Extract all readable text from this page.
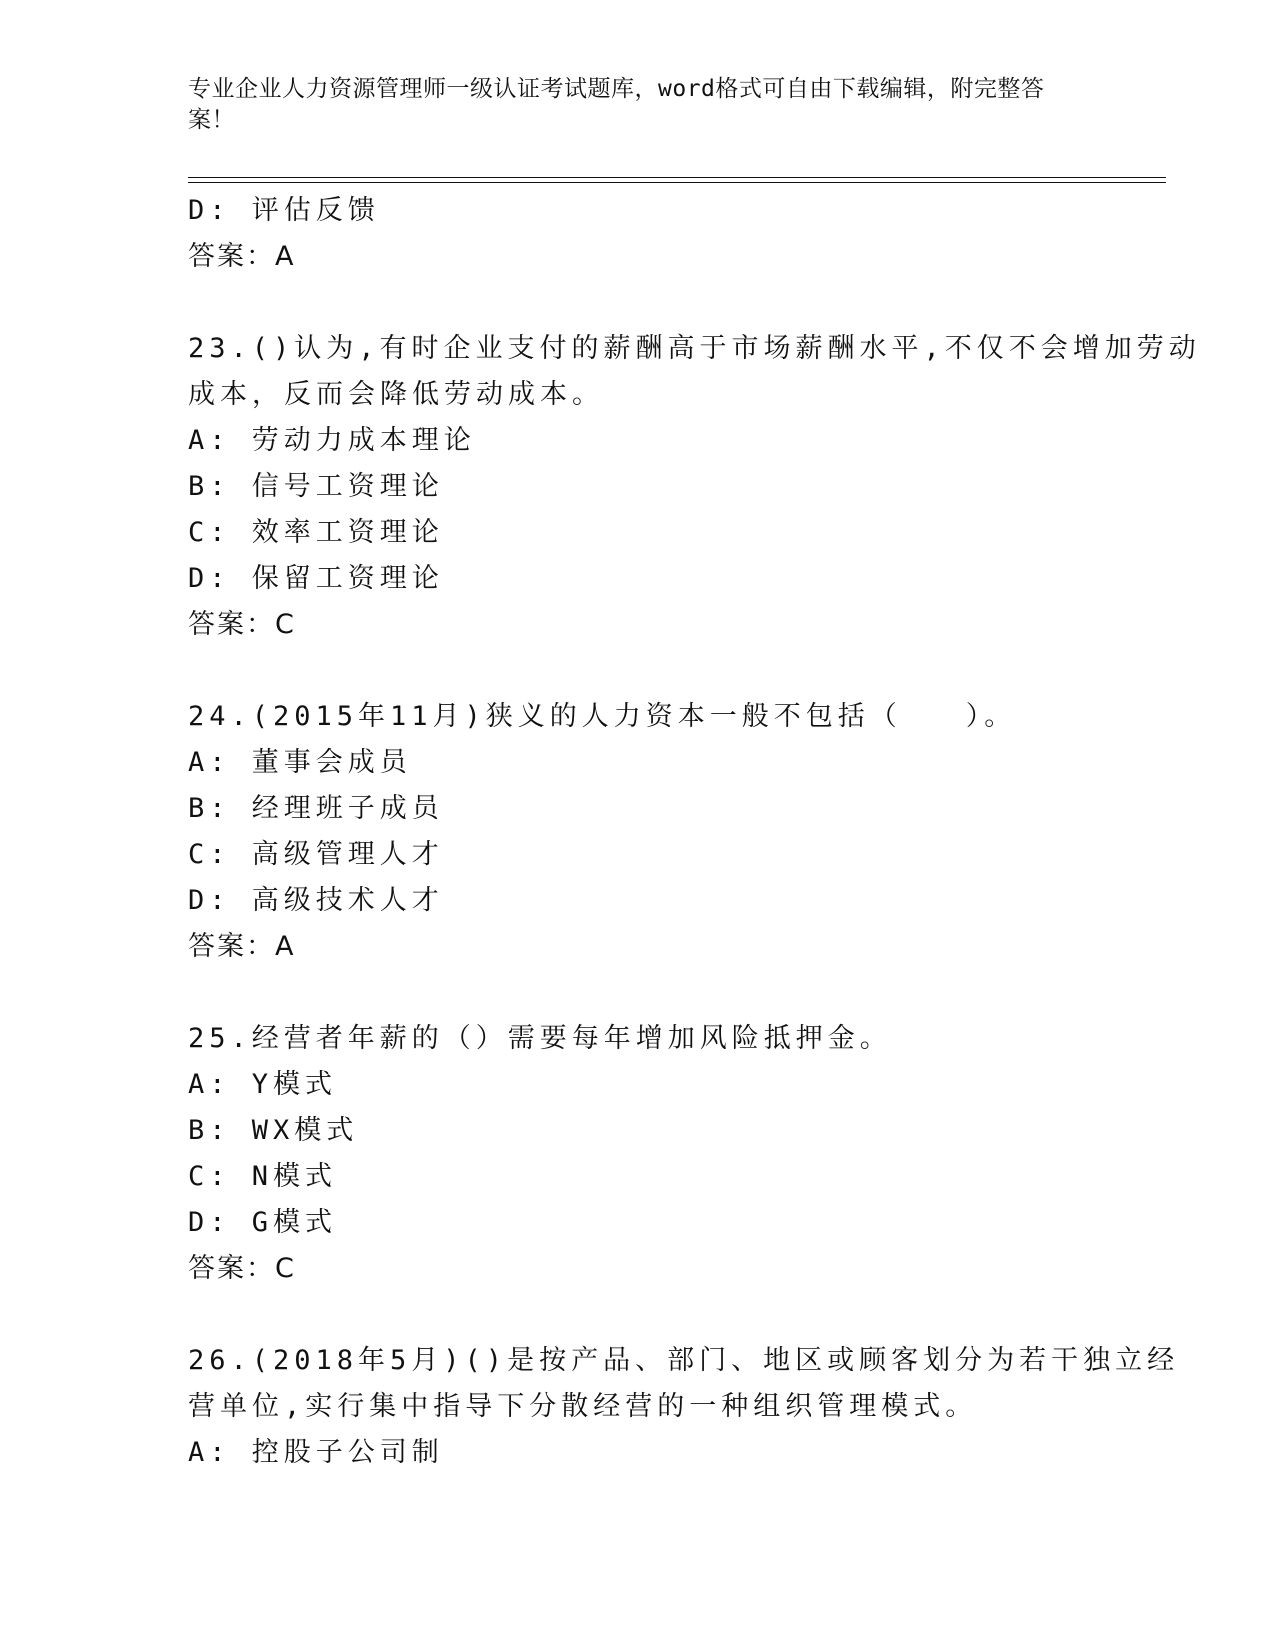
专业企业人力资源管理师一级认证考试题库，word格式可自由下载编辑，附完整答案！
D: 评估反馈
答案：A
23.()认为,有时企业支付的薪酬高于市场薪酬水平,不仅不会增加劳动
成本，反而会降低劳动成本。
A: 劳动力成本理论
B: 信号工资理论
C: 效率工资理论
D: 保留工资理论
答案：C
24.(2015年11月)狭义的人力资本一般不包括（　　）。
A: 董事会成员
B: 经理班子成员
C: 高级管理人才
D: 高级技术人才
答案：A
25.经营者年薪的（）需要每年增加风险抵押金。
A: Y模式
B: WX模式
C: N模式
D: G模式
答案：C
26.(2018年5月)()是按产品、部门、地区或顾客划分为若干独立经
营单位,实行集中指导下分散经营的一种组织管理模式。
A: 控股子公司制
